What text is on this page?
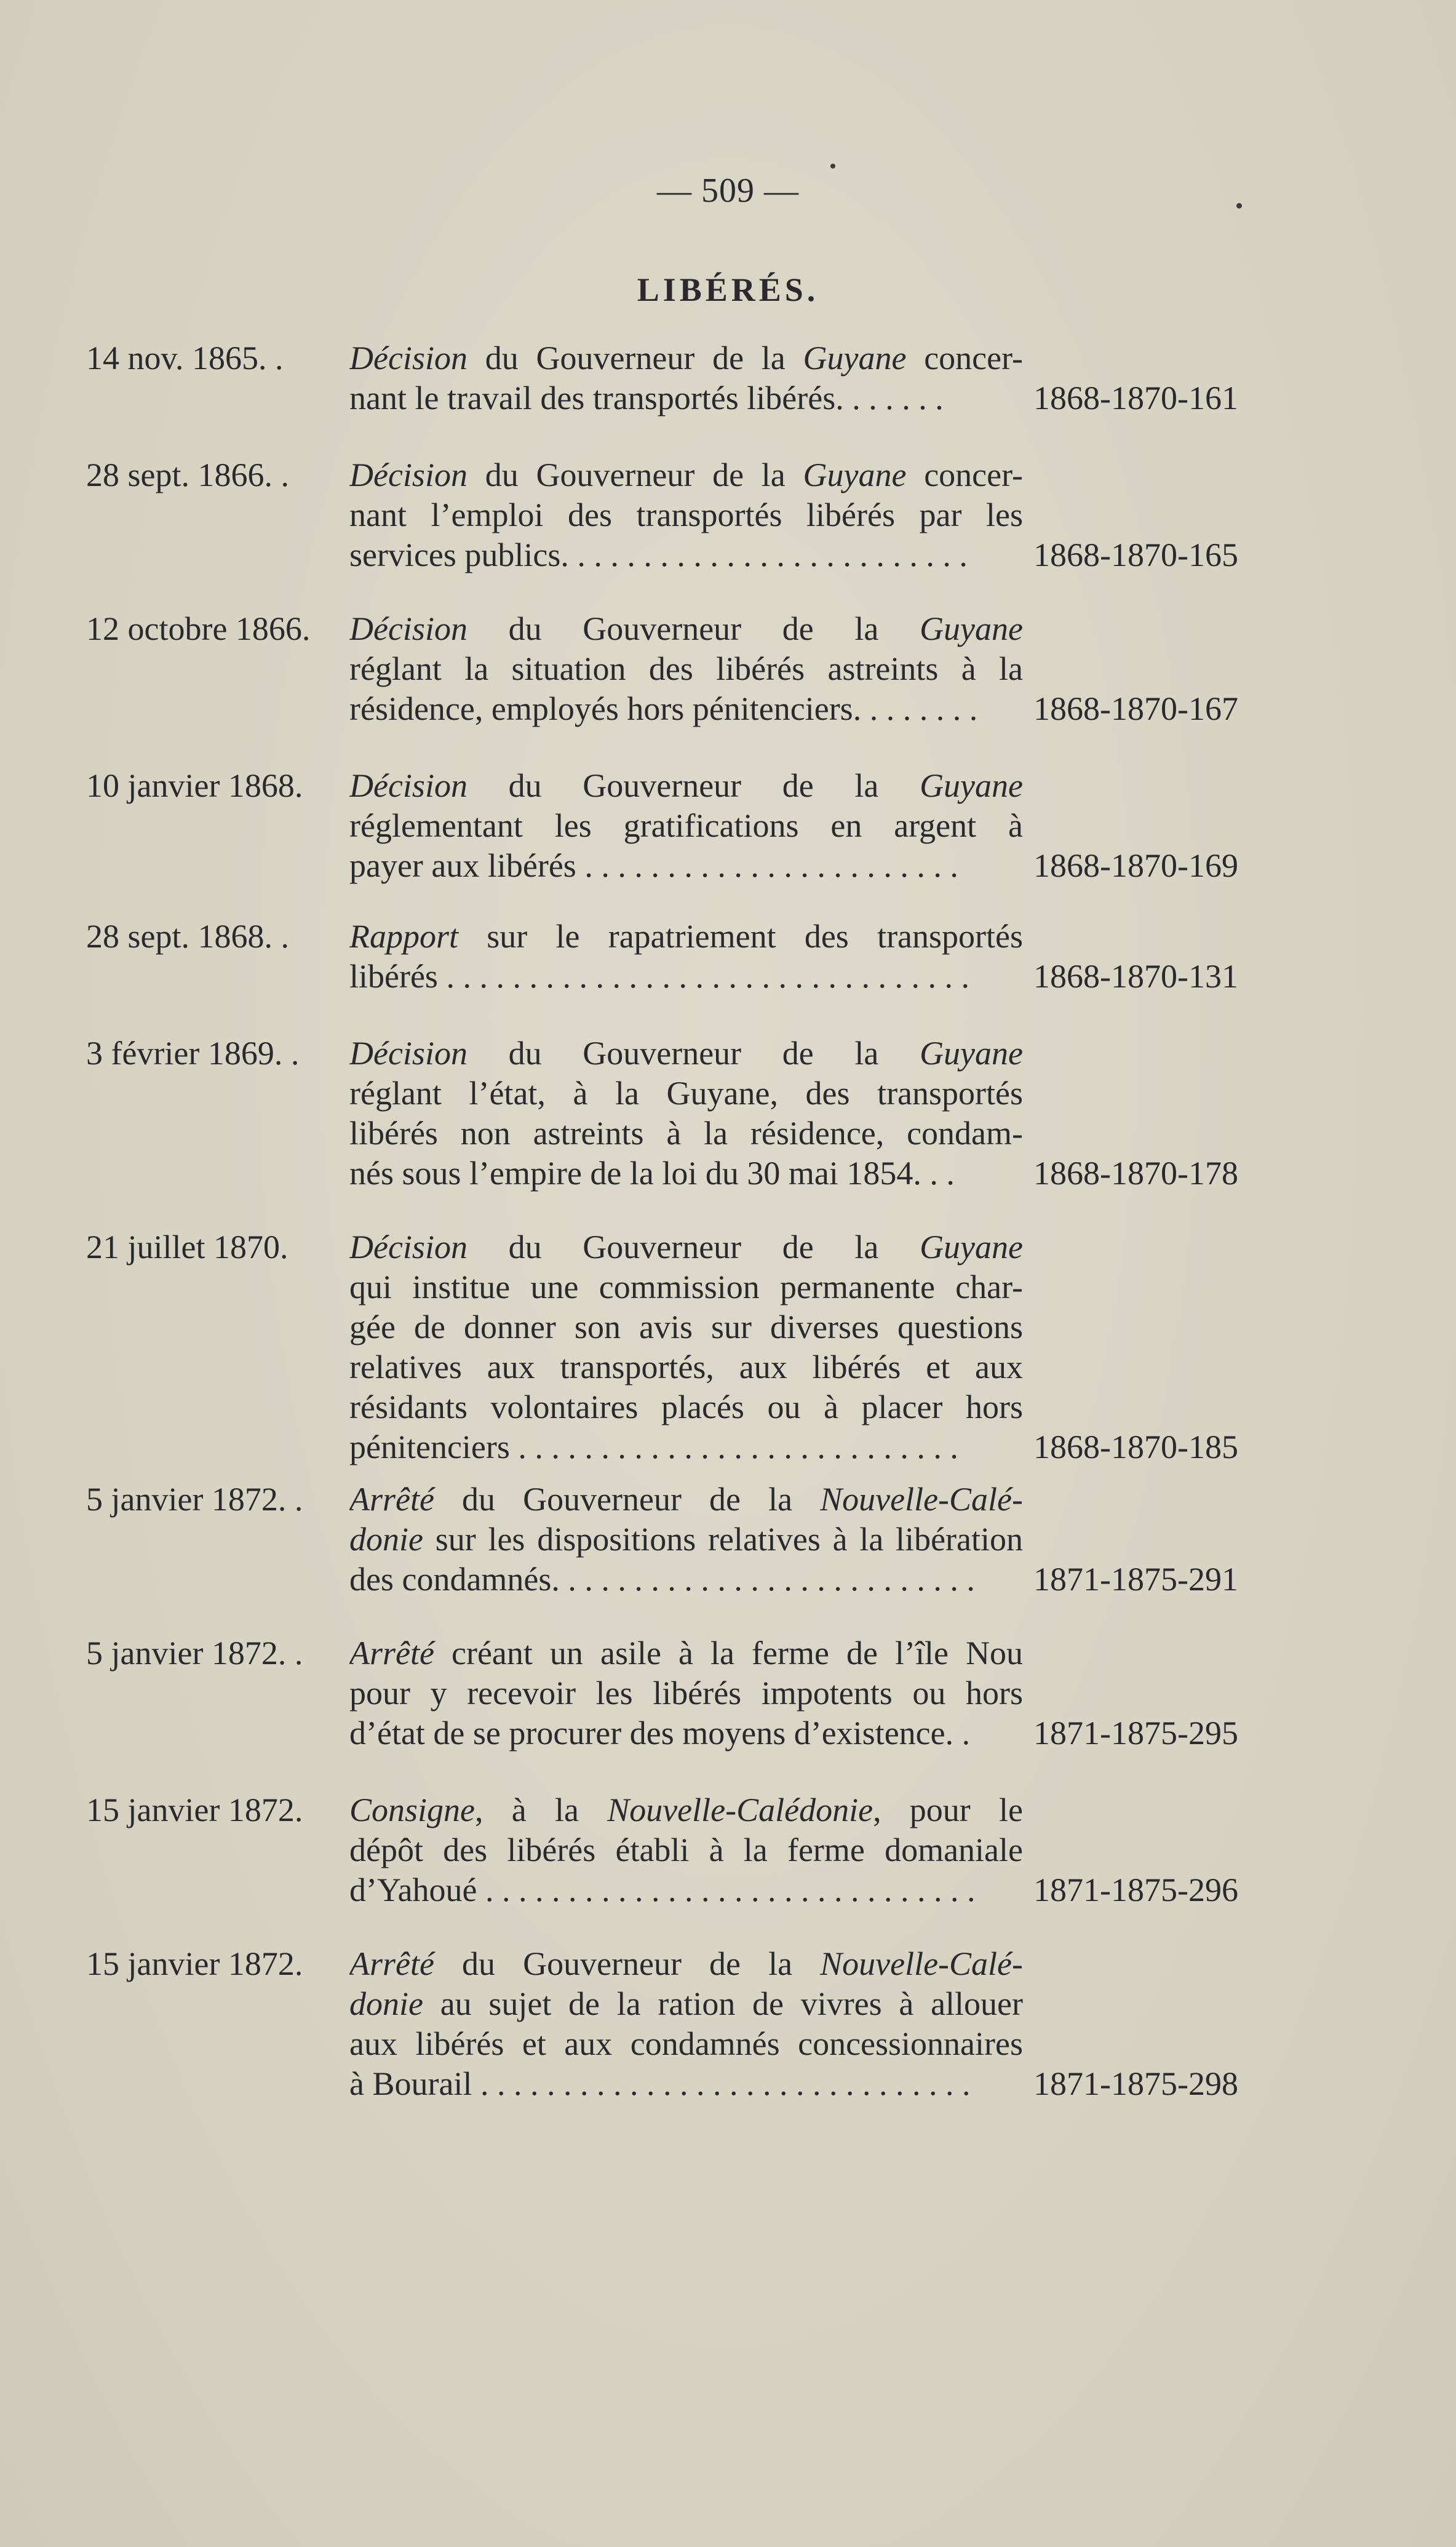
— 509 —
LIBÉRÉS.
14 nov. 1865. . Décision du Gouverneur de la Guyane concer-
nant le travail des transportés libérés. . . . . . .	1868-1870-161
28 sept. 1866. . Décision du Gouverneur de la Guyane concer-
nant l’emploi des transportés libérés par les
services publics. . . . . . . . . . . . . . . . . . . . . . . . .	1868-1870-165
12 octobre 1866. Décision du Gouverneur de la Guyane
réglant la situation des libérés astreints à la
résidence, employés hors pénitenciers. . . . . . . .	1868-1870-167
10 janvier 1868. Décision du Gouverneur de la Guyane
réglementant les gratifications en argent à
payer aux libérés . . . . . . . . . . . . . . . . . . . . . . .	1868-1870-169
28 sept. 1868. . Rapport sur le rapatriement des transportés
libérés . . . . . . . . . . . . . . . . . . . . . . . . . . . . . . . .	1868-1870-131
3 février 1869. . Décision du Gouverneur de la Guyane
réglant l’état, à la Guyane, des transportés
libérés non astreints à la résidence, condam-
nés sous l’empire de la loi du 30 mai 1854. . .	1868-1870-178
21 juillet 1870. Décision du Gouverneur de la Guyane
qui institue une commission permanente char-
gée de donner son avis sur diverses questions
relatives aux transportés, aux libérés et aux
résidants volontaires placés ou à placer hors
pénitenciers . . . . . . . . . . . . . . . . . . . . . . . . . . .	1868-1870-185
5 janvier 1872. . Arrêté du Gouverneur de la Nouvelle-Calé-
donie sur les dispositions relatives à la libération
des condamnés. . . . . . . . . . . . . . . . . . . . . . . . . .	1871-1875-291
5 janvier 1872. . Arrêté créant un asile à la ferme de l’île Nou
pour y recevoir les libérés impotents ou hors
d’état de se procurer des moyens d’existence. .	1871-1875-295
15 janvier 1872. Consigne, à la Nouvelle-Calédonie, pour le
dépôt des libérés établi à la ferme domaniale
d’Yahoué . . . . . . . . . . . . . . . . . . . . . . . . . . . . . .	1871-1875-296
15 janvier 1872. Arrêté du Gouverneur de la Nouvelle-Calé-
donie au sujet de la ration de vivres à allouer
aux libérés et aux condamnés concessionnaires
à Bourail . . . . . . . . . . . . . . . . . . . . . . . . . . . . . .	1871-1875-298
